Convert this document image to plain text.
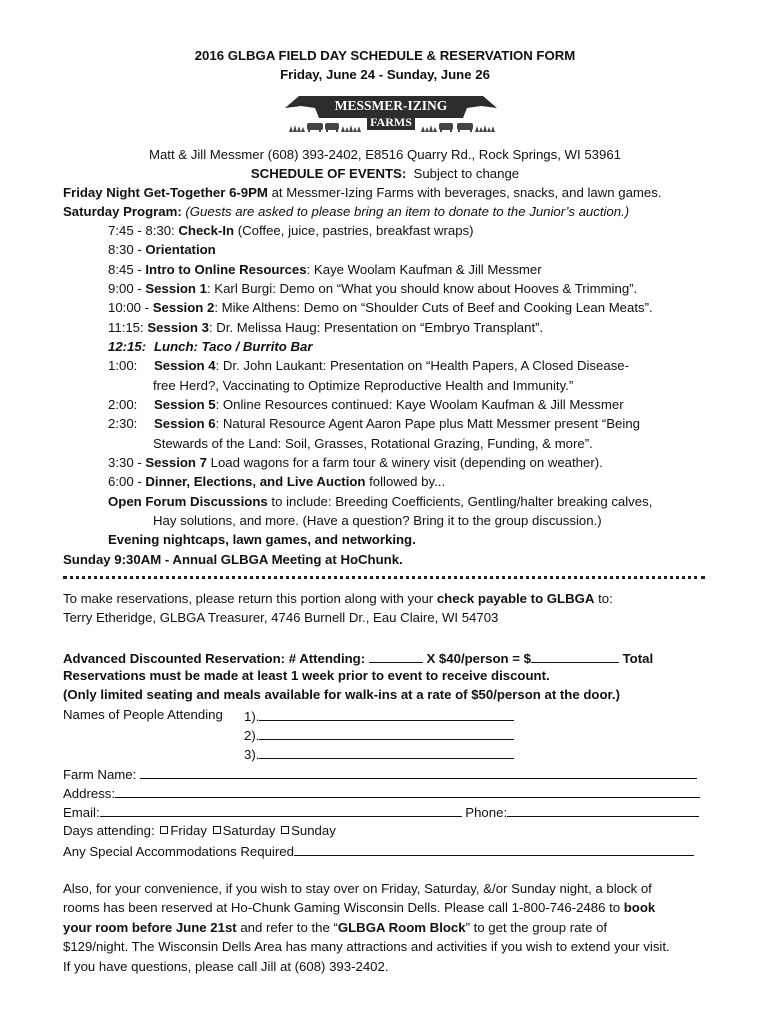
2016 GLBGA FIELD DAY SCHEDULE & RESERVATION FORM
Friday, June 24 - Sunday, June 26
MESSMER-IZING
FARMS
Matt & Jill Messmer (608) 393-2402, E8516 Quarry Rd., Rock Springs, WI 53961
SCHEDULE OF EVENTS: Subject to change
Friday Night Get-Together 6-9PM at Messmer-Izing Farms with beverages, snacks, and lawn games.
Saturday Program: (Guests are asked to please bring an item to donate to the Junior’s auction.)
7:45 - 8:30: Check-In (Coffee, juice, pastries, breakfast wraps)
8:30 - Orientation
8:45 - Intro to Online Resources: Kaye Woolam Kaufman & Jill Messmer
9:00 - Session 1: Karl Burgi: Demo on “What you should know about Hooves & Trimming”.
10:00 - Session 2: Mike Althens: Demo on “Shoulder Cuts of Beef and Cooking Lean Meats”.
11:15: Session 3: Dr. Melissa Haug: Presentation on “Embryo Transplant”.
12:15: Lunch: Taco / Burrito Bar
1:00: Session 4: Dr. John Laukant: Presentation on “Health Papers, A Closed Disease-
free Herd?, Vaccinating to Optimize Reproductive Health and Immunity.”
2:00: Session 5: Online Resources continued: Kaye Woolam Kaufman & Jill Messmer
2:30: Session 6: Natural Resource Agent Aaron Pape plus Matt Messmer present “Being
Stewards of the Land: Soil, Grasses, Rotational Grazing, Funding, & more”.
3:30 - Session 7 Load wagons for a farm tour & winery visit (depending on weather).
6:00 - Dinner, Elections, and Live Auction followed by...
Open Forum Discussions to include: Breeding Coefficients, Gentling/halter breaking calves,
Hay solutions, and more. (Have a question? Bring it to the group discussion.)
Evening nightcaps, lawn games, and networking.
Sunday 9:30AM - Annual GLBGA Meeting at HoChunk.
To make reservations, please return this portion along with your check payable to GLBGA to:
Terry Etheridge, GLBGA Treasurer, 4746 Burnell Dr., Eau Claire, WI 54703
Advanced Discounted Reservation: # Attending:	X $40/person = $	Total
Reservations must be made at least 1 week prior to event to receive discount.
(Only limited seating and meals available for walk-ins at a rate of $50/person at the door.)
Names of People Attending 1).
2).
3).
Farm Name:
Address:
Email:	Phone:
Days attending: Friday Saturday Sunday
Any Special Accommodations Required
Also, for your convenience, if you wish to stay over on Friday, Saturday, &/or Sunday night, a block of
rooms has been reserved at Ho-Chunk Gaming Wisconsin Dells. Please call 1-800-746-2486 to book
your room before June 21st and refer to the “GLBGA Room Block” to get the group rate of
$129/night. The Wisconsin Dells Area has many attractions and activities if you wish to extend your visit.
If you have questions, please call Jill at (608) 393-2402.
